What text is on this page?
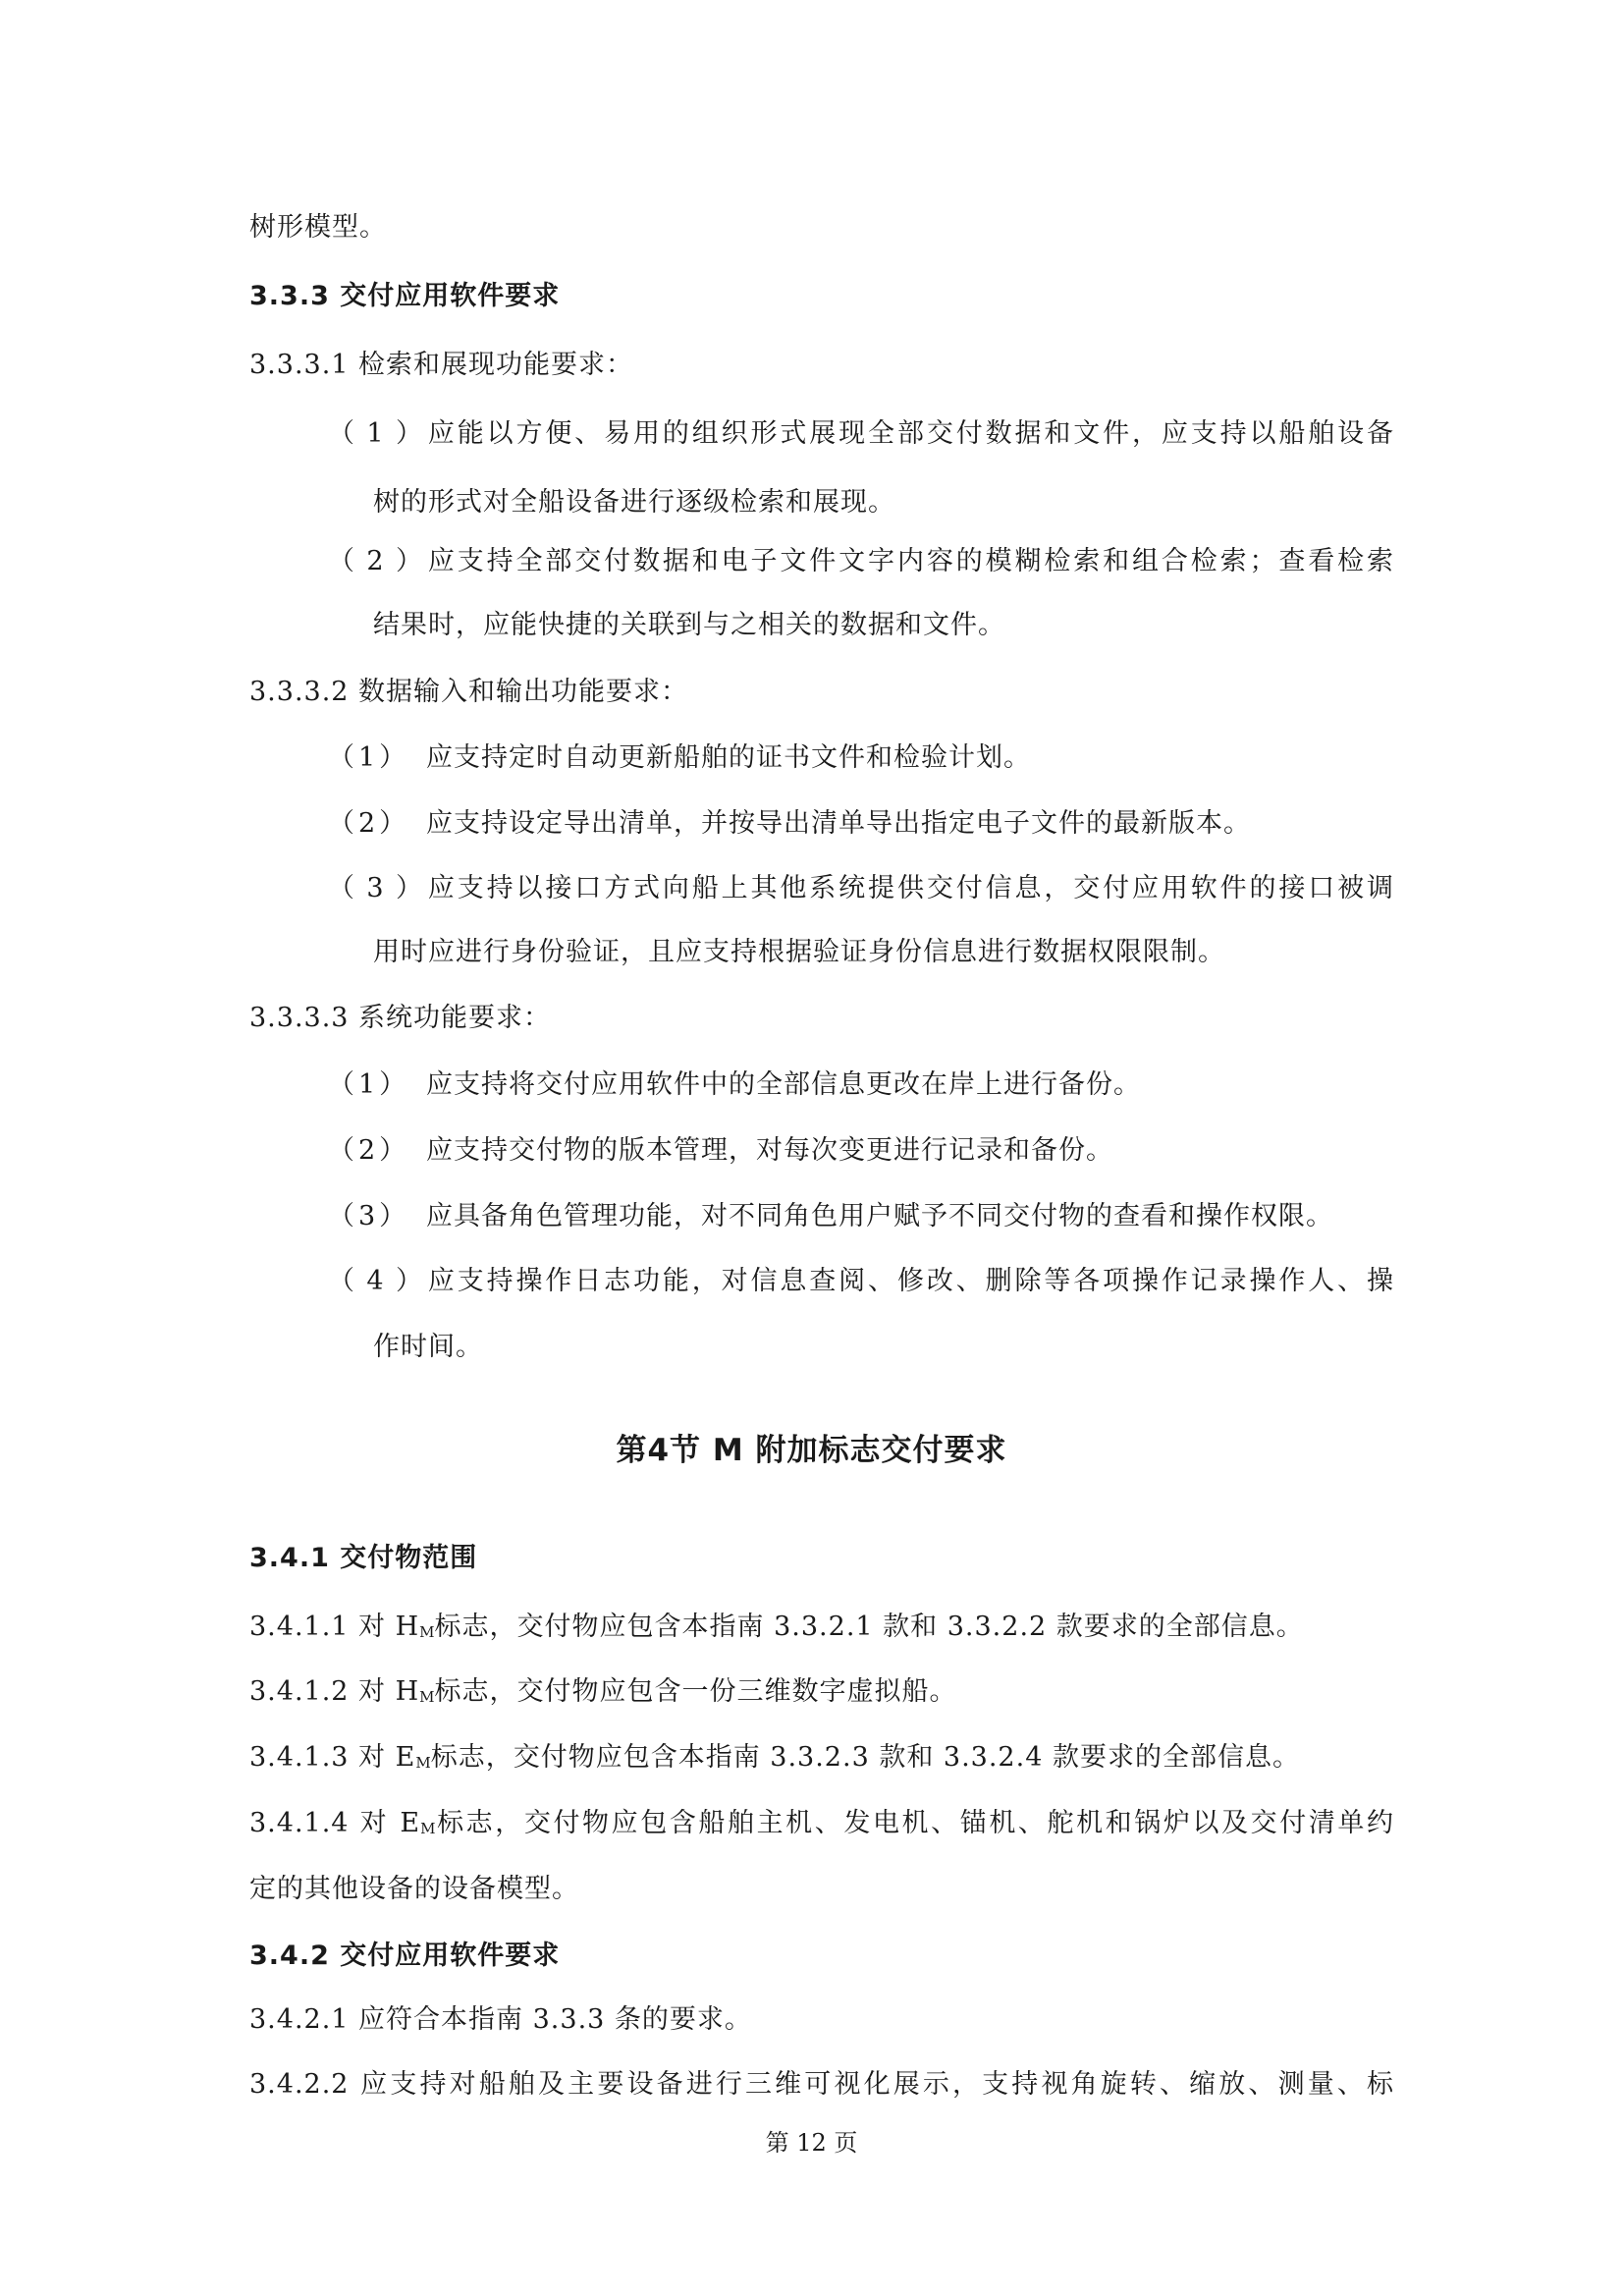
树形模型。
3.3.3 交付应用软件要求
3.3.3.1 检索和展现功能要求：
（1）应能以方便、易用的组织形式展现全部交付数据和文件，应支持以船舶设备
树的形式对全船设备进行逐级检索和展现。
（2）应支持全部交付数据和电子文件文字内容的模糊检索和组合检索；查看检索
结果时，应能快捷的关联到与之相关的数据和文件。
3.3.3.2 数据输入和输出功能要求：
（1） 应支持定时自动更新船舶的证书文件和检验计划。
（2） 应支持设定导出清单，并按导出清单导出指定电子文件的最新版本。
（3）应支持以接口方式向船上其他系统提供交付信息，交付应用软件的接口被调
用时应进行身份验证，且应支持根据验证身份信息进行数据权限限制。
3.3.3.3 系统功能要求：
（1） 应支持将交付应用软件中的全部信息更改在岸上进行备份。
（2） 应支持交付物的版本管理，对每次变更进行记录和备份。
（3） 应具备角色管理功能，对不同角色用户赋予不同交付物的查看和操作权限。
（4）应支持操作日志功能，对信息查阅、修改、删除等各项操作记录操作人、操
作时间。
第4节 M 附加标志交付要求
3.4.1 交付物范围
3.4.1.1 对 HM标志，交付物应包含本指南 3.3.2.1 款和 3.3.2.2 款要求的全部信息。
3.4.1.2 对 HM标志，交付物应包含一份三维数字虚拟船。
3.4.1.3 对 EM标志，交付物应包含本指南 3.3.2.3 款和 3.3.2.4 款要求的全部信息。
3.4.1.4 对 EM标志，交付物应包含船舶主机、发电机、锚机、舵机和锅炉以及交付清单约
定的其他设备的设备模型。
3.4.2 交付应用软件要求
3.4.2.1 应符合本指南 3.3.3 条的要求。
3.4.2.2 应支持对船舶及主要设备进行三维可视化展示，支持视角旋转、缩放、测量、标
第 12 页
